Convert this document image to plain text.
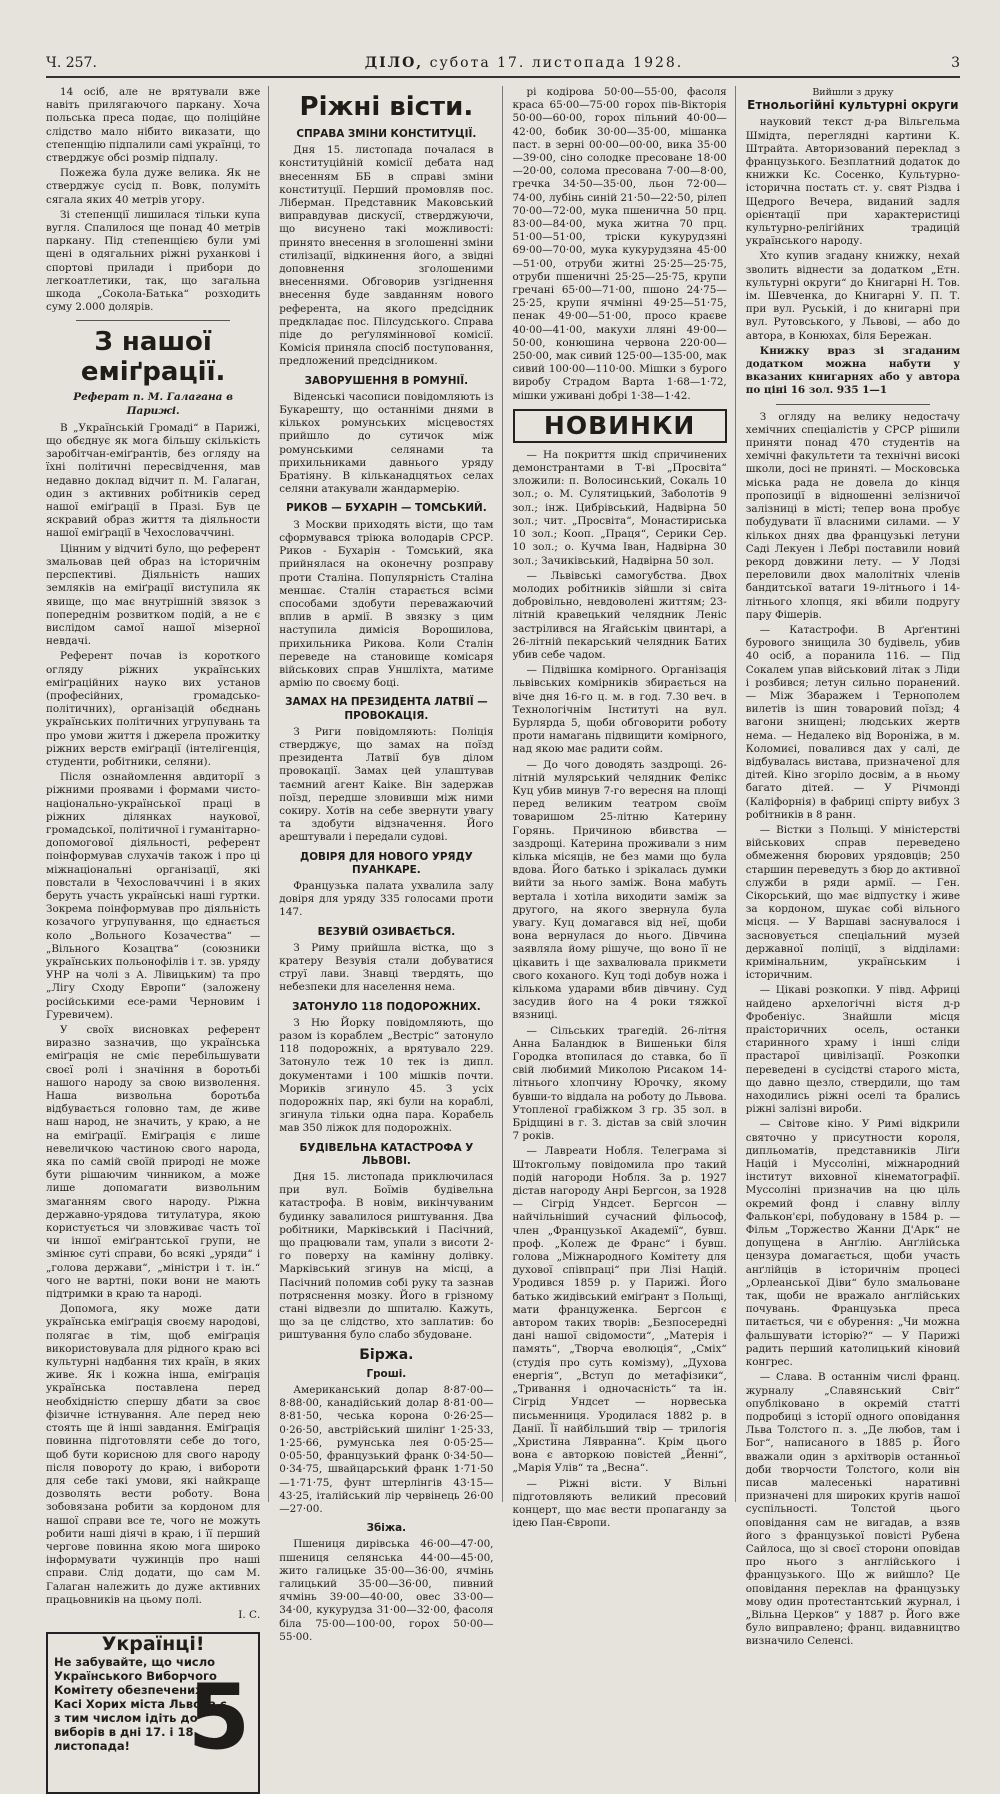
Ч. 257.	ДІЛО, субота 17. листопада 1928.	3

14 осіб, але не врятували вже навіть прилягаючого паркану. Хоча польська преса подає, що поліційне слідство мало нібито виказати, що степенщію підпалили самі українці, то стверджує обсі розмір підпалу.

Пожежа була дуже велика. Як не стверджує сусід п. Вовк, полуміть сягала яких 40 метрів угору.

Зі степенщії лишилася тільки купа вугля. Спалилося ще понад 40 метрів паркану. Під степенщією були умі щені в одягальних ріжні руханкові і спортові прилади і прибори до легкоатлетики, так, що загальна шкода „Сокола-Батька“ розходить суму 2.000 долярів.

З нашої еміґрації.
Реферат п. М. Галагана в Парижі.

В „Українській Громаді“ в Парижі, що обєднує як мога більшу скількість заробітчан-еміґрантів, без огляду на їхні політичні пересвідчення, мав недавно доклад відчит п. М. Галаган, один з активних робітників серед нашої еміґрації в Празі. Був це яскравий образ життя та діяльности нашої еміґрації в Чехословаччині.

Цінним у відчиті було, що референт змальовав цей образ на історичнім перспективі. Діяльність наших земляків на еміґрації виступила як явище, що має внутрішній звязок з попереднім розвитком подій, а не є вислідом самої нашої мізерної невдачі.

Референт почав із короткого огляду ріжних українських еміґраційних науко вих установ (професійних, громадсько-політичних), організацій обєднань українських політичних угрупувань та про умови життя і джерела прожитку ріжних верств еміґрації (інтелігенція, студенти, робітники, селяни).

Після ознайомлення авдиторії з ріжними проявами і формами чисто-національно-української праці в ріжних ділянках наукової, громадської, політичної і гуманітарно-допомогової діяльності, референт поінформував слухачів також і про ці міжнаціональні організації, які повстали в Чехословаччині і в яких беруть участь українські наші гуртки. Зокрема поінформував про діяльність козачого угрупування, що єднається коло „Вольного Козачества“ — „Вільного Козацтва“ (союзники українських польонофілів і т. зв. уряду УНР на чолі з А. Лівицьким) та про „Лігу Сходу Европи“ (заложену російськими есе-рами Черновим і Гуревичем).

У своїх висновках референт виразно зазначив, що українська еміґрація не сміє перебільшувати своєї ролі і значіння в боротьбі нашого народу за свою визволення. Наша визвольна боротьба відбувається головно там, де живе наш народ, не значить, у краю, а не на еміґрації. Еміґрація є лише невеличкою частиною свого народа, яка по самій своїй природі не може бути рішаючим чинником, а може лише допомагати визвольним змаганням свого народу. Ріжна державно-урядова титулатура, якою користується чи зловживає часть тої чи іншої еміґрантської групи, не змінює суті справи, бо всякі „уряди“ і „голова держави“, „міністри і т. ін.“ чого не вартні, поки вони не мають підтримки в краю та народі.

Допомога, яку може дати українська еміґрація своєму народові, полягає в тім, щоб еміґрація використовувала для рідного краю всі культурні надбання тих країн, в яких живе. Як і кожна інша, еміґрація українська поставлена перед необхідністю спершу дбати за своє фізичне істнування. Але перед нею стоять ще й інші завдання. Еміґрація повинна підготовляти себе до того, щоб бути корисною для свого народу після повороту до краю, і вибороти для себе такі умови, які найкраще дозволять вести роботу. Вона зобовязана робити за кордоном для нашої справи все те, чого не можуть робити наші діячі в краю, і її перший чергове повинна якою мога широко інформувати чужинців про наші справи. Слід додати, що сам М. Галаган належить до дуже активних працьовників на цьому полі.

І. С.
Українці!
Не забувайте, що число Українського Виборчого Комітету обезпечених у Касі Хорих міста Львова є з тим числом ідіть до виборів в дні 17. і 18. листопада! 5
Ріжні вісти.
СПРАВА ЗМІНИ КОНСТИТУЦІЇ.

Дня 15. листопада почалася в конституційній комісії дебата над внесенням ББ в справі зміни конституції. Перший промовляв пос. Ліберман. Представник Маковський виправдував дискусії, стверджуючи, що висунено такі можливості: принято внесення в зголошенні зміни стилізації, відкинення його, а звідні доповнення зголошеними внесеннями. Обговорив узгіднення внесення буде завданням нового референта, на якого предсідник предкладає пос. Пілсудського. Справа піде до реґуляміннової комісії. Комісія приняла спосіб поступовання, предложений предсідником.

ЗАВОРУШЕННЯ В РОМУНІЇ.

Віденські часописи повідомляють із Букарешту, що останніми днями в кількох ромунських місцевостях прийшло до сутичок між ромунськими селянами та прихильниками давнього уряду Братіяну. В кільканадцятьох селах селяни атакували жандармерію.

РИКОВ — БУХАРІН — ТОМСЬКИЙ.

З Москви приходять вісти, що там сформувався тріюка володарів СРСР. Риков - Бухарін - Томський, яка прийнялася на оконечну розправу проти Сталіна. Популярність Сталіна меншає. Сталін старається всіми способами здобути переважаючий вплив в армії. В звязку з цим наступила димісія Ворошилова, прихильника Рикова. Коли Сталін переведе на становище комісаря військових справ Уншліхта, матиме армію по своєму боці.

ЗАМАХ НА ПРЕЗИДЕНТА ЛАТВІЇ — ПРОВОКАЦІЯ.

З Риги повідомляють: Поліція стверджує, що замах на поїзд президента Латвії був ділом провокації. Замах цей улаштував таємний агент Каіке. Він задержав поїзд, передше зловивши між ними сокиру. Хотів на себе звернути увагу та здобути відзначення. Його арештували і передали судові.

ДОВІРЯ ДЛЯ НОВОГО УРЯДУ ПУАНКАРЕ.

Французька палата ухвалила залу довіря для уряду 335 голосами проти 147.

ВЕЗУВІЙ ОЗИВАЄТЬСЯ.

З Риму прийшла вістка, що з кратеру Везувія стали добуватися струї лави. Знавці твердять, що небезпеки для населення нема.

ЗАТОНУЛО 118 ПОДОРОЖНИХ.

З Ню Йорку повідомляють, що разом із кораблем „Вестріс“ затонуло 118 подорожніх, а врятувало 229. Затонуло теж 10 тек із дипл. документами і 100 мішків почти. Мориків згинуло 45. З усіх подорожніх пар, які були на кораблі, згинула тільки одна пара. Корабель мав 350 ліжок для подорожніх.

БУДІВЕЛЬНА КАТАСТРОФА У ЛЬВОВІ.

Дня 15. листопада приключилася при вул. Боїмів будівельна катастрофа. В новім, викінчуваним будинку завалилося риштування. Два робітники, Марківський і Пасічний, що працювали там, упали з висоти 2-го поверху на камінну долівку. Марківський згинув на місці, а Пасічний поломив собі руку та зазнав потряснення мозку. Його в грізному стані відвезли до шпиталю. Кажуть, що за це слідство, хто заплатив: бо риштування було слабо збудоване.

Біржа.
Гроші.

Американський долар 8·87·00—8·88·00, канадійський долар 8·81·00—8·81·50, чеська корона 0·26·25—0·26·50, австрійський шилінґ 1·25·33, 1·25·66, румунська лея 0·05·25—0·05·50, французький франк 0·34·50—0·34·75, швайцарський франк 1·71·50—1·71·75, фунт штерлінгів 43·15—43·25, італійський лір червінець 26·00—27·00.

Збіжа.

Пшениця дирівська 46·00—47·00, пшениця селянська 44·00—45·00, жито галицьке 35·00—36·00, ячмінь галицький 35·00—36·00, пивний ячмінь 39·00—40·00, овес 33·00—34·00, кукурудза 31·00—32·00, фасоля біла 75·00—100·00, горох 50·00—55·00.

рі кодірова 50·00—55·00, фасоля краса 65·00—75·00 горох пів-Вікторія 50·00—60·00, горох пільний 40·00—42·00, бобик 30·00—35·00, мішанка паст. в зерні 00·00—00·00, вика 35·00—39·00, сіно солодке пресоване 18·00—20·00, солома пресована 7·00—8·00, гречка 34·50—35·00, льон 72·00—74·00, лубінь синій 21·50—22·50, рілеп 70·00—72·00, мука пшенична 50 прц. 83·00—84·00, мука житна 70 прц. 51·00—51·00, тріски кукурудзяні 69·00—70·00, мука кукурудзяна 45·00—51·00, отруби житні 25·25—25·75, отруби пшеничні 25·25—25·75, крупи гречані 65·00—71·00, пшоно 24·75—25·25, крупи ячмінні 49·25—51·75, пенак 49·00—51·00, просо краєве 40·00—41·00, макухи лляні 49·00—50·00, конюшина червона 220·00—250·00, мак сивий 125·00—135·00, мак сивий 100·00—110·00. Мішки з бурого виробу Страдом Варта 1·68—1·72, мішки уживані добрі 1·38—1·42.

НОВИНКИ

— На покриття шкід спричинених демонстрантами в Т-ві „Просвіта“ зложили: п. Волосинський, Сокаль 10 зол.; о. М. Сулятицький, Заболотів 9 зол.; інж. Цибрівський, Надвірна 50 зол.; чит. „Просвіта“, Монастириська 10 зол.; Кооп. „Праця“, Серики Сер. 10 зол.; о. Кучма Іван, Надвірна 30 зол.; Зачиківський, Надвірна 50 зол.

— Львівські самогубства. Двох молодих робітників зійшли зі світа добровільно, невдоволені життям; 23-літній кравецький челядник Леніс застрілився на Ягайськім цвинтарі, а 26-літній пекарський челядник Батих убив себе чадом.

— Підвішка комірного. Організація львівських комірників збирається на віче дня 16-го ц. м. в год. 7.30 веч. в Технологічнім Інституті на вул. Бурлярда 5, щоби обговорити роботу проти намагань підвищити комірного, над якою має радити сойм.

— До чого доводять заздрощі. 26-літній мулярський челядник Фелікс Куц убив минув 7-го вересня на площі перед великим театром своїм товаришом 25-літню Катерину Горянь. Причиною вбивства — заздрощі. Катерина проживали з ним кілька місяців, не без мами що була вдова. Його батько і зрікалась думки вийти за нього заміж. Вона мабуть вертала і хотіла виходити заміж за другого, на якого звернула була увагу. Куц домагався від неї, щоби вона вернулася до нього. Дівчина заявляла йому рішуче, що воно її не цікавить і ще захвалювала прикмети свого коханого. Куц тоді добув ножа і кількома ударами вбив дівчину. Суд засудив його на 4 роки тяжкої вязниці.

— Сільських трагедій. 26-літня Анна Баландюк в Вишеньки біля Городка втопилася до ставка, бо її свій любимий Миколою Рисаком 14-літнього хлопчину Юрочку, якому бувши-то віддала на роботу до Львова. Утопленої грабіжком 3 гр. 35 зол. в Брідщині в г. З. дістав за свій злочин 7 років.

— Лавреати Нобля. Телеграма зі Штокгольму повідомила про такий подій нагороди Нобля. За р. 1927 дістав нагороду Анрі Бергсон, за 1928 — Сігрід Ундсет. Бергсон — найчільніший сучасний фільософ, член „Французької Академії“, бувш. проф. „Колеж де Франс“ і бувш. голова „Міжнародного Комітету для духової співпраці“ при Лізі Націй. Уродився 1859 р. у Парижі. Його батько жидівський еміґрант з Польщі, мати француженка. Бергсон є автором таких творів: „Безпосередні дані нашої свідомости“, „Матерія і память“, „Творча еволюція“, „Сміх“ (студія про суть комізму), „Духова енергія“, „Вступ до метафізики“, „Тривання і одночасність“ та ін. Сігрід Ундсет — норвеська письменниця. Уродилася 1882 р. в Данії. Її найбільший твір — трилогія „Христина Лявранна“. Крім цього вона є авторкою повістей „Йенні“, „Марія Улів“ та „Весна“.

— Ріжні вісти. У Вільні підготовляють великий пресовий концерт, що має вести пропаганду за ідею Пан-Європи.

Вийшли з друку
Етнольогійні культурні округи

науковий текст д-ра Вільгельма Шмідта, переглядні картини К. Штрайта. Авторизований переклад з французького. Безплатний додаток до книжки Кс. Сосенко, Культурно-історична постать ст. у. свят Різдва і Щедрого Вечера, виданий задля орієнтації при характеристиці культурно-релігійних традицій українського народу.

Хто купив згадану книжку, нехай зволить віднести за додатком „Етн. культурні округи“ до Книгарні Н. Тов. ім. Шевченка, до Книгарні У. П. Т. при вул. Руській, і до книгарні при вул. Рутовського, у Львові, — або до автора, в Конюхах, біля Бережан.

Книжку враз зі згаданим додатком можна набути у вказаних книгарнях або у автора по ціні 16 зол. 935 1—1

З огляду на велику недостачу хемічних спеціалістів у СРСР рішили приняти понад 470 студентів на хемічні факультети та технічні високі школи, досі не приняті. — Московська міська рада не довела до кінця пропозиції в відношенні зелізничої залізниці в місті; тепер вона пробує побудувати її власними силами. — У кількох днях два французькі летуни Саді Лекуен і Лебрі поставили новий рекорд довжини лету. — У Лодзі переловили двох малолітніх членів бандитської ватаги 19-літнього і 14-літнього хлопця, які вбили подругу пару Фішерів.

— Катастрофи. В Арґентині бурового знищила 30 будівель, убив 40 осіб, а поранила 116. — Під Сокалем упав військовий літак з Ліди і розбився; летун сильно поранений. — Між Збаражем і Тернополем вилетів із шин товаровий поїзд; 4 вагони знищені; людських жертв нема. — Недалеко від Вороніжа, в м. Коломиєі, повалився дах у салі, де відбувалась вистава, призначеної для дітей. Кіно згоріло досвім, а в ньому багато дітей. — У Річмонді (Каліфорнія) в фабриці спірту вибух 3 робітників в 8 ранн.

— Вістки з Польщі. У міністерстві військових справ переведено обмеження бюрових урядовців; 250 старшин переведуть з бюр до активної служби в ряди армії. — Ген. Сікорський, що має відпустку і живе за кордоном, шукає собі вільного місця. — У Варшаві заснувалося і засновується спеціальний музей державної поліції, з відділами: кримінальним, українським і історичним.

— Цікаві розкопки. У півд. Африці найдено архелогічні вістя д-р Фробеніус. Знайшли місця праісторичних осель, останки старинного храму і інші сліди прастарої цивілізації. Розкопки переведені в сусідстві старого міста, що давно щезло, ствердили, що там находились ріжні оселі та брались ріжні залізні вироби.

— Світове кіно. У Римі відкрили святочно у присутности короля, дипльоматів, представників Ліґи Націй і Муссоліні, міжнародний інститут виховної кінематографії. Муссоліні призначив на цю ціль окремий фонд і славну віллу Фалькон'єрі, побудовану в 1584 р. — Фільм „Торжество Жанни Д'Арк“ не допущена в Анґлію. Анґлійська цензура домагається, щоби участь анґлійців в історичнім процесі „Орлеанської Діви“ було змальоване так, щоби не вражало анґлійських почувань. Французька преса питається, чи є обурення: „Чи можна фальшувати історію?“ — У Парижі радить перший католицький кіновий конгрес.

— Слава. В останнім числі франц. журналу „Славянський Світ“ опубліковано в окремій статті подробиці з історії одного оповідання Льва Толстого п. з. „Де любов, там і Бог“, написаного в 1885 р. Його вважали один з архітворів останньої доби творчости Толстого, коли він писав малесенькі наративні призначені для широких кругів нашої суспільності. Толстой цього оповідання сам не вигадав, а взяв його з французької повісті Рубена Сайлоса, що зі своєї сторони оповідав про нього з англійського і французького. Що ж вийшло? Це оповідання переклав на французьку мову один протестантський журнал, і „Вільна Церков“ у 1887 р. Його вже було виправлено; франц. видавництво визначило Селенсі.
